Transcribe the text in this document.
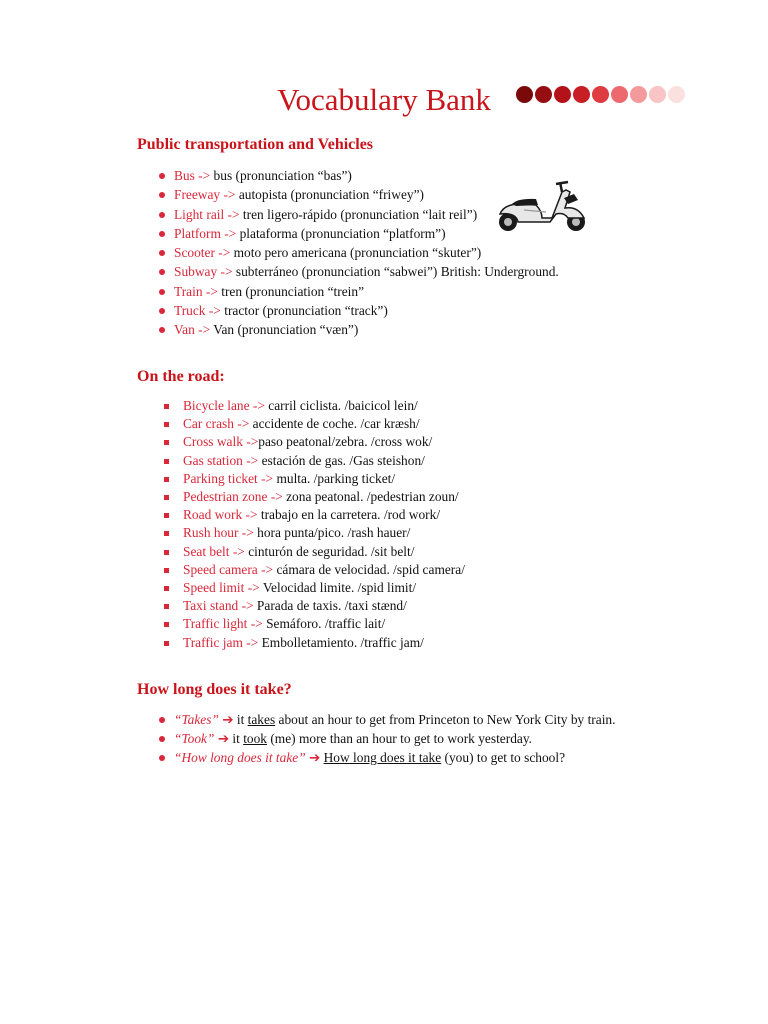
Vocabulary Bank
Public transportation and Vehicles
Bus -> bus (pronunciation “bas”)
Freeway -> autopista (pronunciation “friwey”)
Light rail -> tren ligero-rápido (pronunciation “lait reil”)
Platform -> plataforma (pronunciation “platform”)
Scooter -> moto pero americana (pronunciation “skuter”)
Subway -> subterráneo (pronunciation “sabwei”) British: Underground.
Train -> tren (pronunciation “trein”
Truck -> tractor (pronunciation “track”)
Van -> Van (pronunciation “væn”)
On the road:
Bicycle lane -> carril ciclista. /baicicol lein/
Car crash -> accidente de coche. /car kræsh/
Cross walk ->paso peatonal/zebra. /cross wok/
Gas station -> estación de gas. /Gas steishon/
Parking ticket -> multa. /parking ticket/
Pedestrian zone -> zona peatonal. /pedestrian zoun/
Road work -> trabajo en la carretera. /rod work/
Rush hour -> hora punta/pico. /rash hauer/
Seat belt -> cinturón de seguridad. /sit belt/
Speed camera -> cámara de velocidad. /spid camera/
Speed limit -> Velocidad limite. /spid limit/
Taxi stand -> Parada de taxis. /taxi stænd/
Traffic light -> Semáforo. /traffic lait/
Traffic jam -> Embolletamiento. /traffic jam/
How long does it take?
“Takes” ➔ it takes about an hour to get from Princeton to New York City by train.
“Took” ➔ it took (me) more than an hour to get to work yesterday.
“How long does it take” ➔ How long does it take (you) to get to school?
